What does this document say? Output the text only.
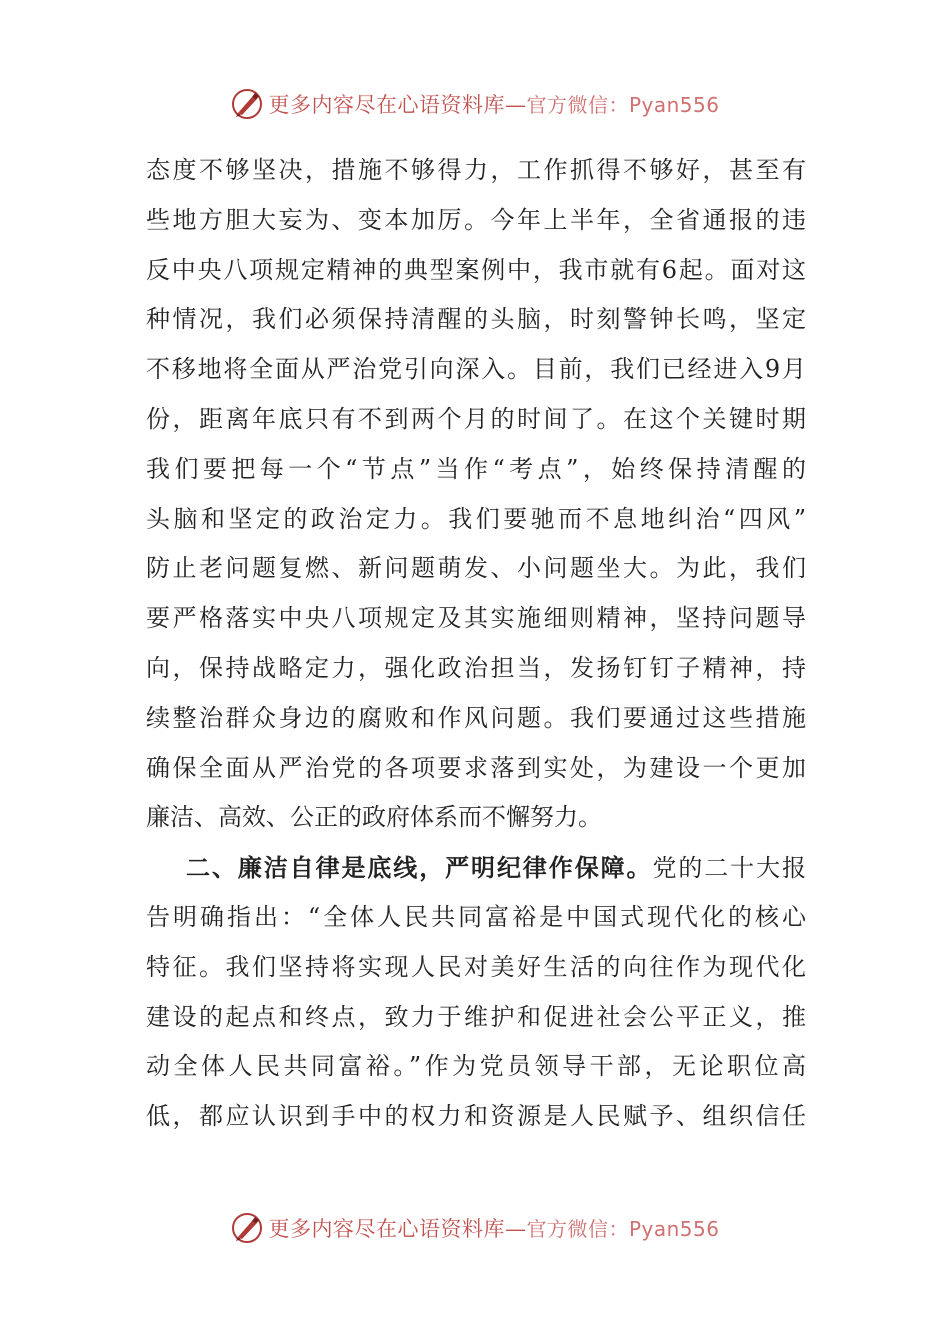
更多内容尽在心语资料库—官方微信：Pyan556
态度不够坚决，措施不够得力，工作抓得不够好，甚至有
些地方胆大妄为、变本加厉。今年上半年，全省通报的违
反中央八项规定精神的典型案例中，我市就有6起。面对这
种情况，我们必须保持清醒的头脑，时刻警钟长鸣，坚定
不移地将全面从严治党引向深入。目前，我们已经进入9月
份，距离年底只有不到两个月的时间了。在这个关键时期
我们要把每一个“节点”当作“考点”，始终保持清醒的
头脑和坚定的政治定力。我们要驰而不息地纠治“四风”
防止老问题复燃、新问题萌发、小问题坐大。为此，我们
要严格落实中央八项规定及其实施细则精神，坚持问题导
向，保持战略定力，强化政治担当，发扬钉钉子精神，持
续整治群众身边的腐败和作风问题。我们要通过这些措施
确保全面从严治党的各项要求落到实处，为建设一个更加
廉洁、高效、公正的政府体系而不懈努力。
二、廉洁自律是底线，严明纪律作保障。党的二十大报
告明确指出：“全体人民共同富裕是中国式现代化的核心
特征。我们坚持将实现人民对美好生活的向往作为现代化
建设的起点和终点，致力于维护和促进社会公平正义，推
动全体人民共同富裕。”作为党员领导干部，无论职位高
低，都应认识到手中的权力和资源是人民赋予、组织信任
更多内容尽在心语资料库—官方微信：Pyan556
